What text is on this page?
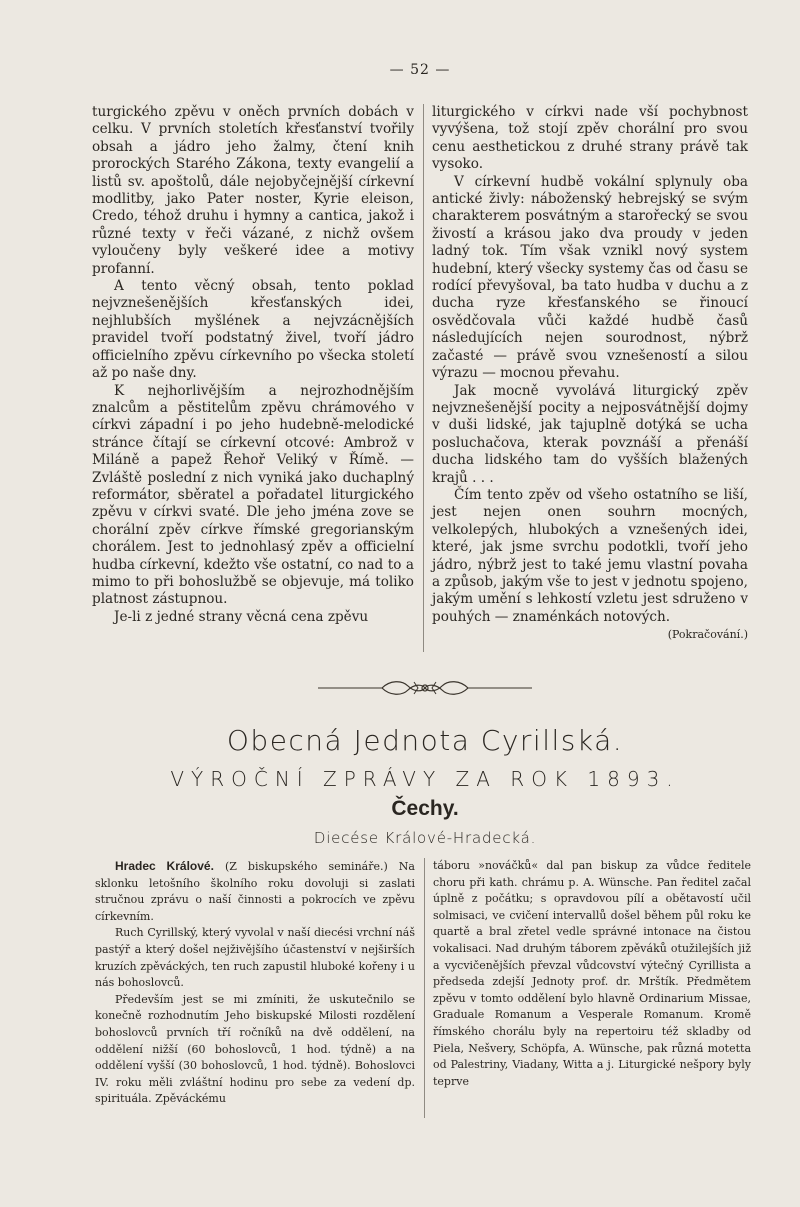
— 52 —

turgického zpěvu v oněch prvních dobách v celku. V prvních stoletích křesťanství tvořily obsah a jádro jeho žalmy, čtení knih prorockých Starého Zákona, texty evangelií a listů sv. apoštolů, dále nejobyčejnější církevní modlitby, jako Pater noster, Kyrie eleison, Credo, téhož druhu i hymny a cantica, jakož i různé texty v řeči vázané, z nichž ovšem vyloučeny byly veškeré idee a motivy profanní.

A tento věcný obsah, tento poklad nejvznešenějších křesťanských idei, nejhlubších myšlének a nejvzácnějších pravidel tvoří podstatný živel, tvoří jádro officielního zpěvu církevního po všecka století až po naše dny.

K nejhorlivějším a nejrozhodnějším znalcům a pěstitelům zpěvu chrámového v církvi západní i po jeho hudebně-melodické stránce čítají se církevní otcové: Ambrož v Miláně a papež Řehoř Veliký v Římě. — Zvláště poslední z nich vyniká jako duchaplný reformátor, sběratel a pořadatel liturgického zpěvu v církvi svaté. Dle jeho jména zove se chorální zpěv církve římské gregorianským chorálem. Jest to jednohlasý zpěv a officielní hudba církevní, kdežto vše ostatní, co nad to a mimo to při bohoslužbě se objevuje, má toliko platnost zástupnou.

Je-li z jedné strany věcná cena zpěvu

liturgického v církvi nade vší pochybnost vyvýšena, tož stojí zpěv chorální pro svou cenu aesthetickou z druhé strany právě tak vysoko.

V církevní hudbě vokální splynuly oba antické živly: náboženský hebrejský se svým charakterem posvátným a starořecký se svou živostí a krásou jako dva proudy v jeden ladný tok. Tím však vznikl nový system hudební, který všecky systemy čas od času se rodící převyšoval, ba tato hudba v duchu a z ducha ryze křesťanského se řinoucí osvědčovala vůči každé hudbě časů následujících nejen sourodnost, nýbrž začasté — právě svou vznešeností a silou výrazu — mocnou převahu.

Jak mocně vyvolává liturgický zpěv nejvznešenější pocity a nejposvátnější dojmy v duši lidské, jak tajuplně dotýká se ucha posluchačova, kterak povznáší a přenáší ducha lidského tam do vyšších blažených krajů . . .

Čím tento zpěv od všeho ostatního se liší, jest nejen onen souhrn mocných, velkolepých, hlubokých a vznešených idei, které, jak jsme svrchu podotkli, tvoří jeho jádro, nýbrž jest to také jemu vlastní povaha a způsob, jakým vše to jest v jednotu spojeno, jakým umění s lehkostí vzletu jest sdruženo v pouhých — znaménkách notových.

(Pokračování.)

Obecná Jednota Cyrillská.
VÝROČNÍ ZPRÁVY ZA ROK 1893.
Čechy.
Diecése Králové-Hradecká.

Hradec Králové. (Z biskupského semináře.) Na sklonku letošního školního roku dovoluji si zaslati stručnou zprávu o naší činnosti a pokrocích ve zpěvu církevním.

Ruch Cyrillský, který vyvolal v naší diecési vrchní náš pastýř a který došel nejživějšího účastenství v nejširších kruzích zpěváckých, ten ruch zapustil hluboké kořeny i u nás bohoslovců.

Především jest se mi zmíniti, že uskutečnilo se konečně rozhodnutím Jeho biskupské Milosti rozdělení bohoslovců prvních tří ročníků na dvě oddělení, na oddělení nižší (60 bohoslovců, 1 hod. týdně) a na oddělení vyšší (30 bohoslovců, 1 hod. týdně). Bohoslovci IV. roku měli zvláštní hodinu pro sebe za vedení dp. spirituála. Zpěváckému

táboru »nováčků« dal pan biskup za vůdce ředitele choru při kath. chrámu p. A. Wünsche. Pan ředitel začal úplně z počátku; s opravdovou pílí a obětavostí učil solmisaci, ve cvičení intervallů došel během půl roku ke quartě a bral zřetel vedle správné intonace na čistou vokalisaci. Nad druhým táborem zpěváků otužilejších již a vycvičenějších převzal vůdcovství výtečný Cyrillista a předseda zdejší Jednoty prof. dr. Mrštík. Předmětem zpěvu v tomto oddělení bylo hlavně Ordinarium Missae, Graduale Romanum a Vesperale Romanum. Kromě římského chorálu byly na repertoiru též skladby od Piela, Nešvery, Schöpfa, A. Wünsche, pak různá motetta od Palestriny, Viadany, Witta a j. Liturgické nešpory byly teprve
